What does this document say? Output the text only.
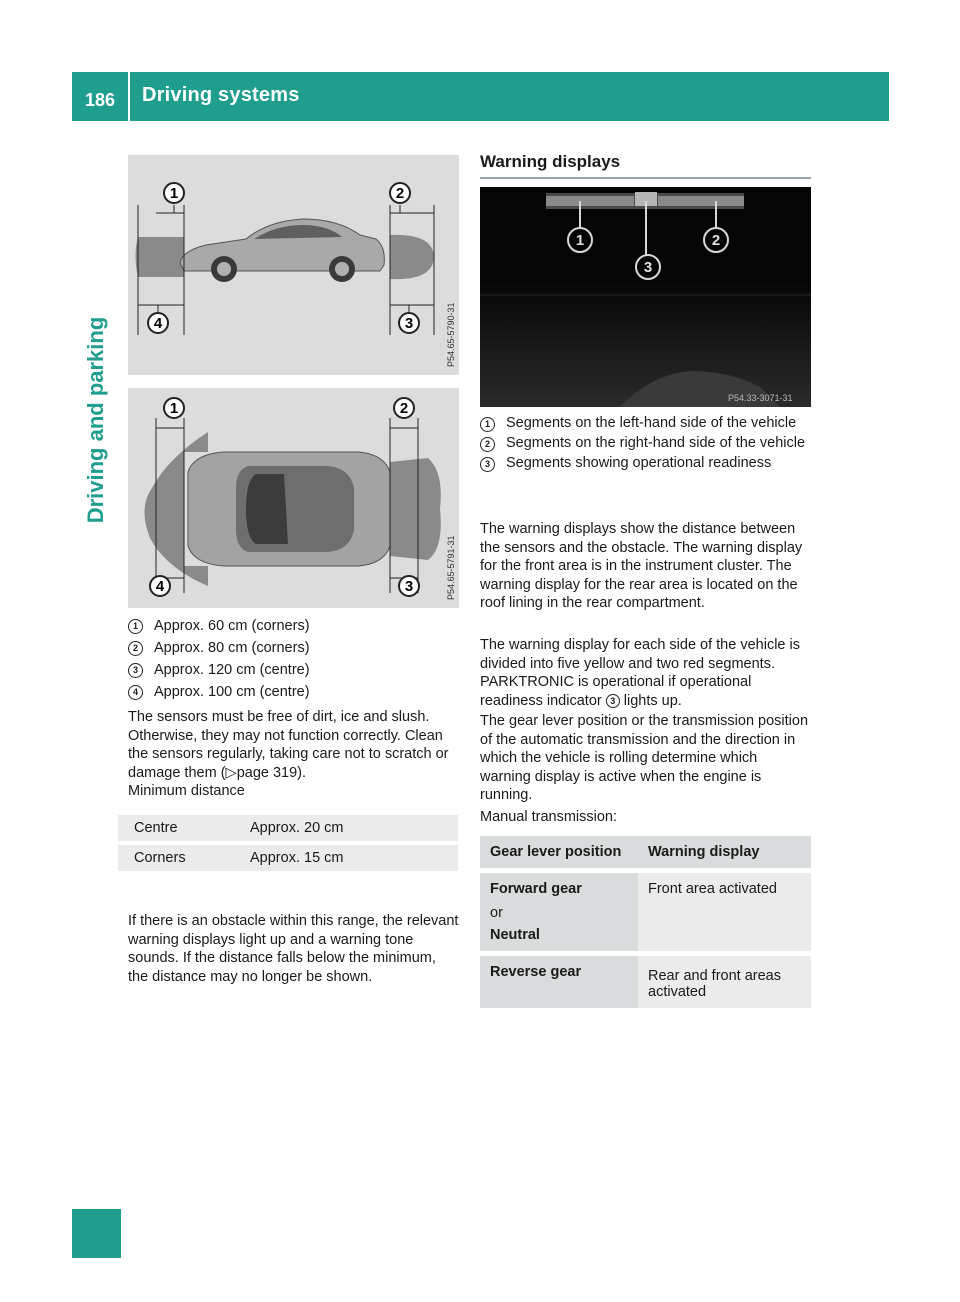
186	Driving systems
Driving and parking
1	2
3
4	P54.65-5790-31
1	2
3
4	P54.65-5791-31
1	Approx. 60 cm (corners)
2	Approx. 80 cm (corners)
3	Approx. 120 cm (centre)
4	Approx. 100 cm (centre)
The sensors must be free of dirt, ice and slush. Otherwise, they may not function correctly. Clean the sensors regularly, taking care not to scratch or damage them (▷page 319).
Minimum distance
Centre	Approx. 20 cm
Corners	Approx. 15 cm
If there is an obstacle within this range, the relevant warning displays light up and a warning tone sounds. If the distance falls below the minimum, the distance may no longer be shown.
Warning displays
1	2
3
P54.33-3071-31
1	Segments on the left-hand side of the vehicle
2	Segments on the right-hand side of the vehicle
3	Segments showing operational readiness
The warning displays show the distance between the sensors and the obstacle. The warning display for the front area is in the instrument cluster. The warning display for the rear area is located on the roof lining in the rear compartment.
The warning display for each side of the vehicle is divided into five yellow and two red segments. PARKTRONIC is operational if operational readiness indicator 3 lights up.
The gear lever position or the transmission position of the automatic transmission and the direction in which the vehicle is rolling determine which warning display is active when the engine is running.
Manual transmission:
Gear lever position	Warning display

Forward gear
or
Neutral	Front area activated
Reverse gear	Rear and front areas activated
